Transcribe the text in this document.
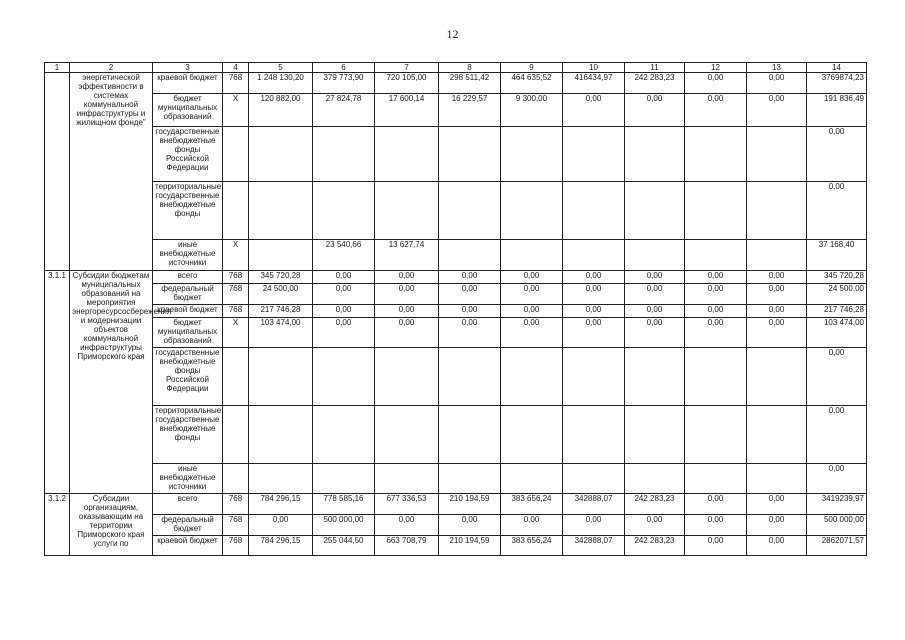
12
1	2	3	4	5	6	7	8	9	10	11	12	13	14
	энергетической эффективности в системах коммунальной инфраструктуры и жилищном фонде"	краевой бюджет	768	1 248 130,20	379 773,90	720 105,00	298 511,42	464 635,52	416434,97	242 283,23	0,00	0,00	3769874,23
		бюджет муниципальных образований	X	120 882,00	27 824,78	17 600,14	16 229,57	9 300,00	0,00	0,00	0,00	0,00	191 836,49
		государственные внебюджетные фонды Российской Федерации											0,00
		территориальные государственные внебюджетные фонды											0,00
		иные внебюджетные источники	X		23 540,66	13 627,74							37 168,40
3.1.1	Субсидии бюджетам муниципальных образований на мероприятия энергоресурсосбережения и модернизации объектов коммунальной инфраструктуры Приморского края	всего	768	345 720,28	0,00	0,00	0,00	0,00	0,00	0,00	0,00	0,00	345 720,28
		федеральный бюджет	768	24 500,00	0,00	0,00	0,00	0,00	0,00	0,00	0,00	0,00	24 500,00
		краевой бюджет	768	217 746,28	0,00	0,00	0,00	0,00	0,00	0,00	0,00	0,00	217 746,28
		бюджет муниципальных образований	X	103 474,00	0,00	0,00	0,00	0,00	0,00	0,00	0,00	0,00	103 474,00
		государственные внебюджетные фонды Российской Федерации											0,00
		территориальные государственные внебюджетные фонды											0,00
		иные внебюджетные источники											0,00
3.1.2	Субсидии организациям, оказывающим на территории Приморского края услуги по	всего	768	784 296,15	778 585,16	677 336,53	210 194,59	383 656,24	342888,07	242 283,23	0,00	0,00	3419239,97
		федеральный бюджет	768	0,00	500 000,00	0,00	0,00	0,00	0,00	0,00	0,00	0,00	500 000,00
		краевой бюджет	768	784 296,15	255 044,50	663 708,79	210 194,59	383 656,24	342888,07	242 283,23	0,00	0,00	2862071,57
